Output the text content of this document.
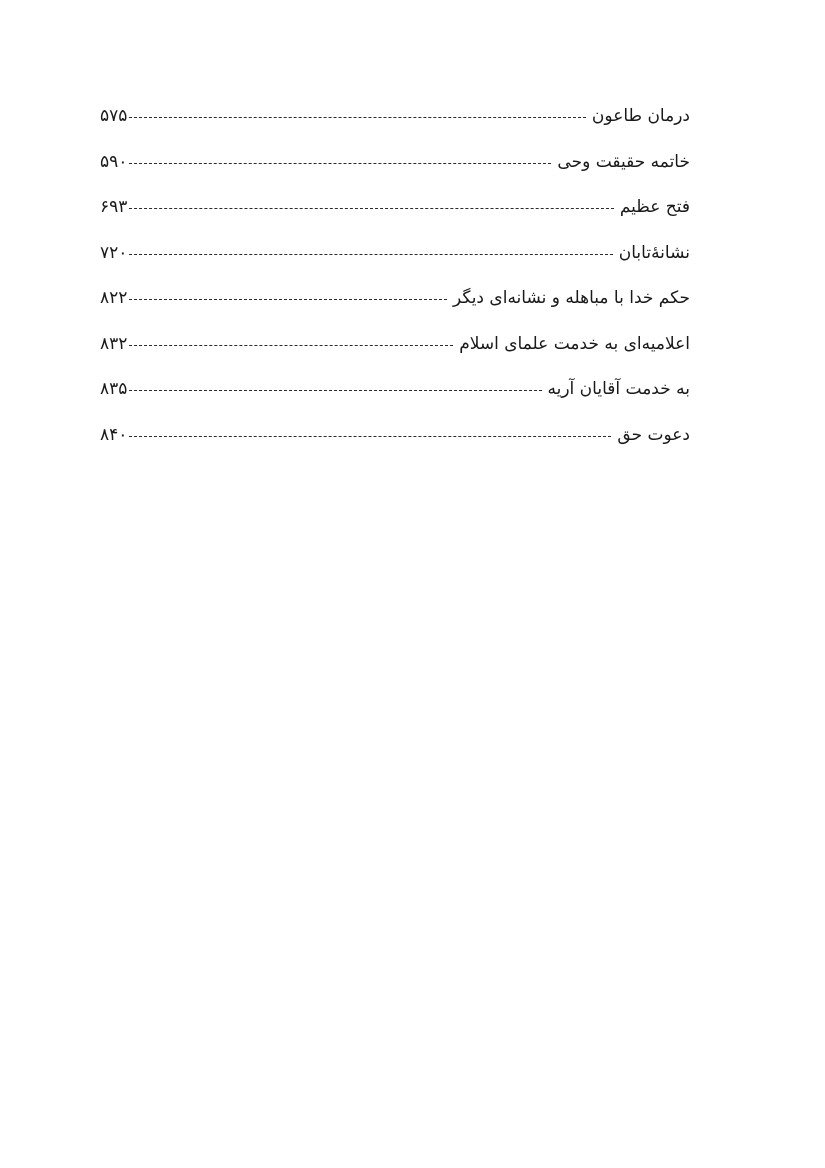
درمان طاعون
۵۷۵
خاتمه حقیقت وحی
۵۹۰
فتح عظیم
۶۹۳
نشانۀتابان
۷۲۰
حکم خدا با مباهله و نشانه‌ای دیگر
۸۲۲
اعلامیه‌ای به خدمت علمای اسلام
۸۳۲
به خدمت آقایان آریه
۸۳۵
دعوت حق
۸۴۰
